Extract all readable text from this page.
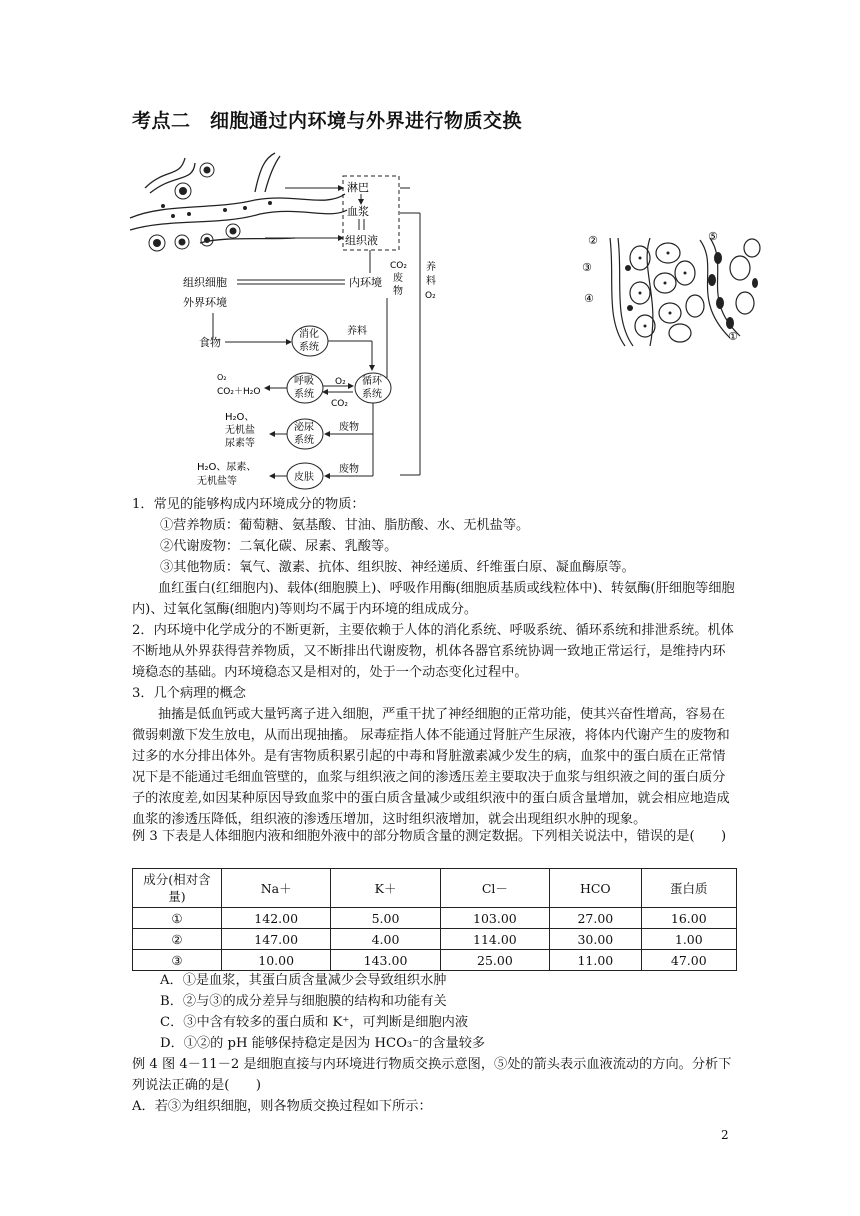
考点二　细胞通过内环境与外界进行物质交换
淋巴
血浆
组织液
组织细胞	内环境
CO₂
废
物
养
料
O₂
外界环境
食物
消化
系统
养料
呼吸
系统
O₂
CO₂＋H₂O
循环
系统
O₂
CO₂
泌尿
系统
H₂O、
无机盐
尿素等
废物
皮肤
H₂O、尿素、
无机盐等
废物
②
③
④
⑤
①
1．常见的能够构成内环境成分的物质：
①营养物质：葡萄糖、氨基酸、甘油、脂肪酸、水、无机盐等。
②代谢废物：二氧化碳、尿素、乳酸等。
③其他物质：氧气、激素、抗体、组织胺、神经递质、纤维蛋白原、凝血酶原等。
血红蛋白(红细胞内)、载体(细胞膜上)、呼吸作用酶(细胞质基质或线粒体中)、转氨酶(肝细胞等细胞内)、过氧化氢酶(细胞内)等则均不属于内环境的组成成分。
2．内环境中化学成分的不断更新，主要依赖于人体的消化系统、呼吸系统、循环系统和排泄系统。机体不断地从外界获得营养物质，又不断排出代谢废物，机体各器官系统协调一致地正常运行，是维持内环境稳态的基础。内环境稳态又是相对的，处于一个动态变化过程中。
3．几个病理的概念
抽搐是低血钙或大量钙离子进入细胞，严重干扰了神经细胞的正常功能，使其兴奋性增高，容易在微弱刺激下发生放电，从而出现抽搐。 尿毒症指人体不能通过肾脏产生尿液，将体内代谢产生的废物和过多的水分排出体外。是有害物质积累引起的中毒和肾脏激素减少发生的病，血浆中的蛋白质在正常情况下是不能通过毛细血管壁的，血浆与组织液之间的渗透压差主要取决于血浆与组织液之间的蛋白质分子的浓度差,如因某种原因导致血浆中的蛋白质含量减少或组织液中的蛋白质含量增加，就会相应地造成血浆的渗透压降低，组织液的渗透压增加，这时组织液增加，就会出现组织水肿的现象。
例 3 下表是人体细胞内液和细胞外液中的部分物质含量的测定数据。下列相关说法中，错误的是(　　)
成分(相对含量)	Na＋	K＋	Cl－	HCO	蛋白质
①	142.00	5.00	103.00	27.00	16.00
②	147.00	4.00	114.00	30.00	1.00
③	10.00	143.00	25.00	11.00	47.00
A．①是血浆，其蛋白质含量减少会导致组织水肿
B．②与③的成分差异与细胞膜的结构和功能有关
C．③中含有较多的蛋白质和 K⁺，可判断是细胞内液
D．①②的 pH 能够保持稳定是因为 HCO₃⁻的含量较多
例 4 图 4－11－2 是细胞直接与内环境进行物质交换示意图，⑤处的箭头表示血液流动的方向。分析下列说法正确的是(　　)
A．若③为组织细胞，则各物质交换过程如下所示：
2
